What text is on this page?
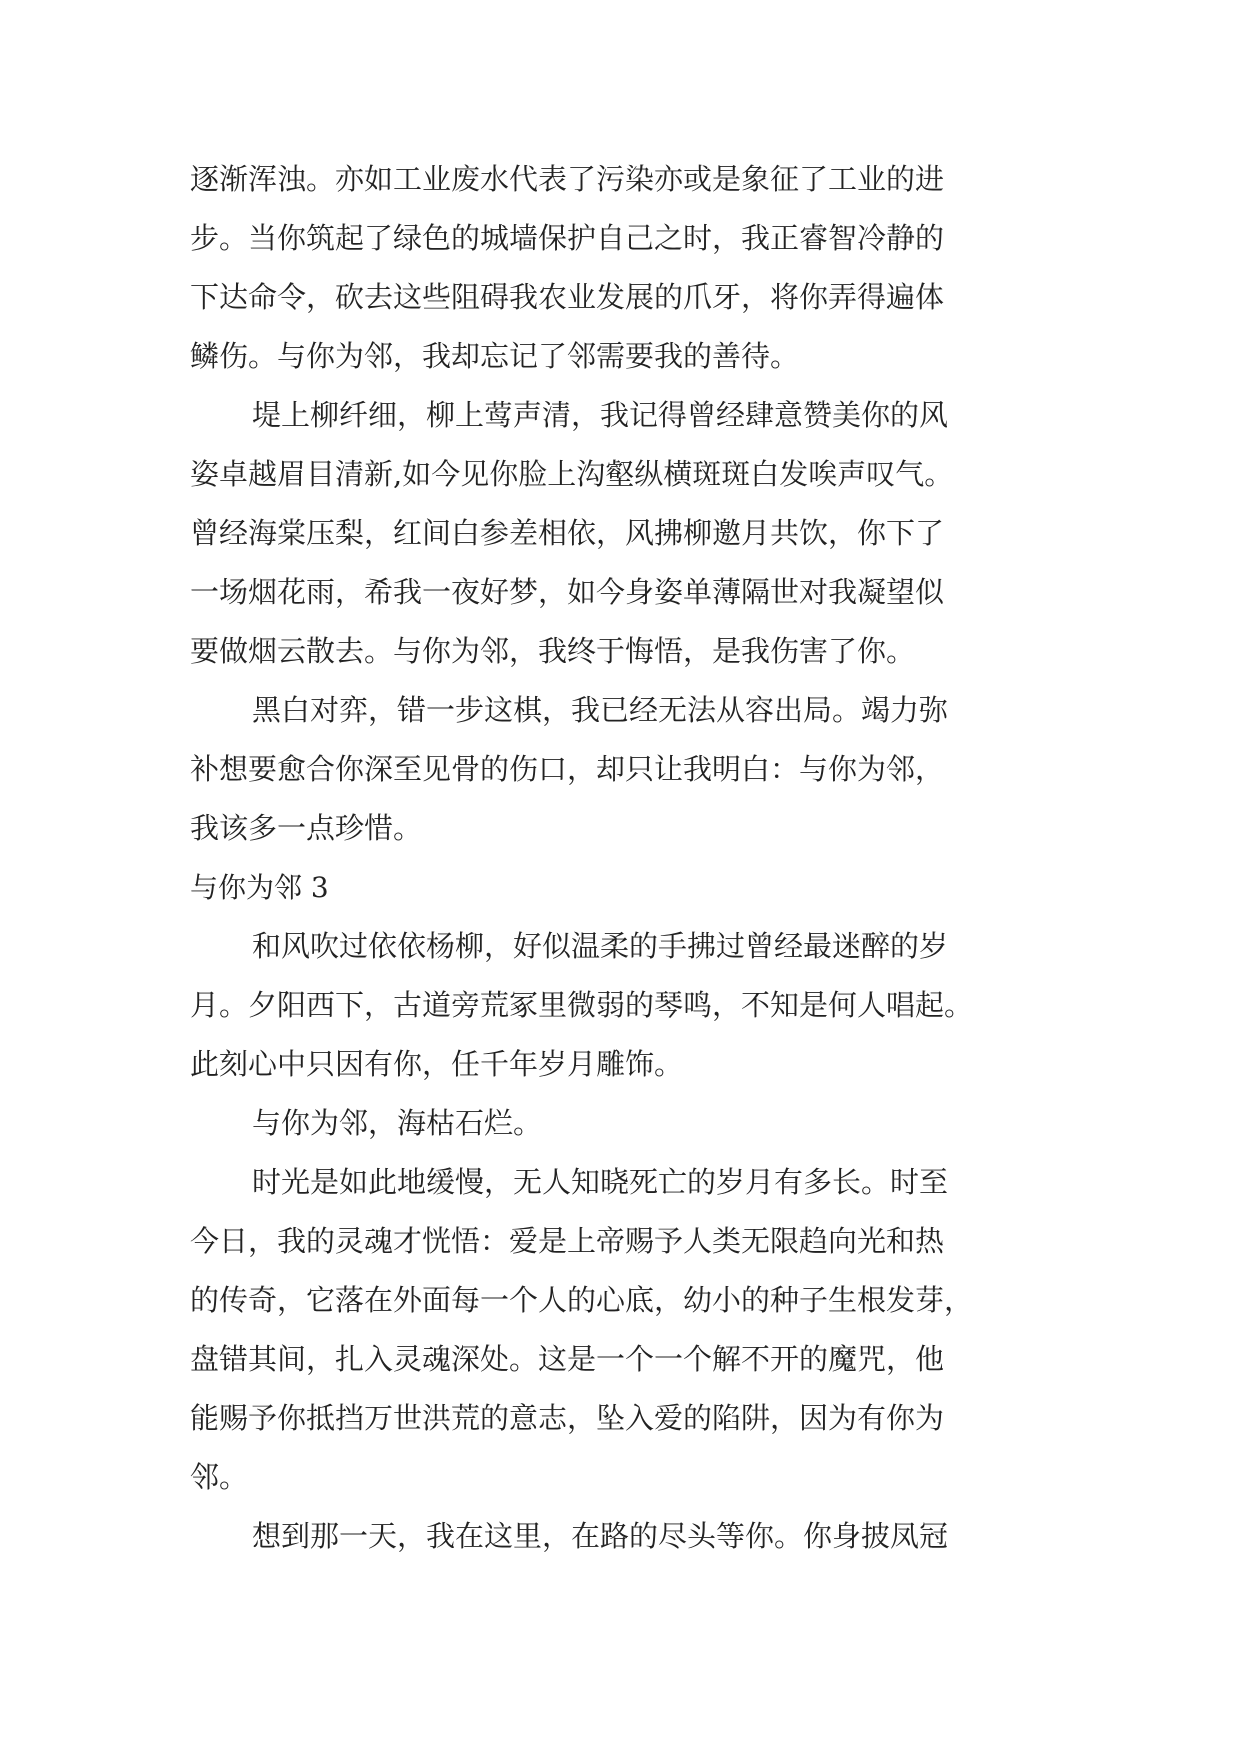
逐渐浑浊。亦如工业废水代表了污染亦或是象征了工业的进
步。当你筑起了绿色的城墙保护自己之时，我正睿智冷静的
下达命令，砍去这些阻碍我农业发展的爪牙，将你弄得遍体
鳞伤。与你为邻，我却忘记了邻需要我的善待。
堤上柳纤细，柳上莺声清，我记得曾经肆意赞美你的风
姿卓越眉目清新,如今见你脸上沟壑纵横斑斑白发唉声叹气。
曾经海棠压梨，红间白参差相依，风拂柳邀月共饮，你下了
一场烟花雨，希我一夜好梦，如今身姿单薄隔世对我凝望似
要做烟云散去。与你为邻，我终于悔悟，是我伤害了你。
黑白对弈，错一步这棋，我已经无法从容出局。竭力弥
补想要愈合你深至见骨的伤口，却只让我明白：与你为邻，
我该多一点珍惜。
与你为邻 3
和风吹过依依杨柳，好似温柔的手拂过曾经最迷醉的岁
月。夕阳西下，古道旁荒冢里微弱的琴鸣，不知是何人唱起。
此刻心中只因有你，任千年岁月雕饰。
与你为邻，海枯石烂。
时光是如此地缓慢，无人知晓死亡的岁月有多长。时至
今日，我的灵魂才恍悟：爱是上帝赐予人类无限趋向光和热
的传奇，它落在外面每一个人的心底，幼小的种子生根发芽，
盘错其间，扎入灵魂深处。这是一个一个解不开的魔咒，他
能赐予你抵挡万世洪荒的意志，坠入爱的陷阱，因为有你为
邻。
想到那一天，我在这里，在路的尽头等你。你身披凤冠
